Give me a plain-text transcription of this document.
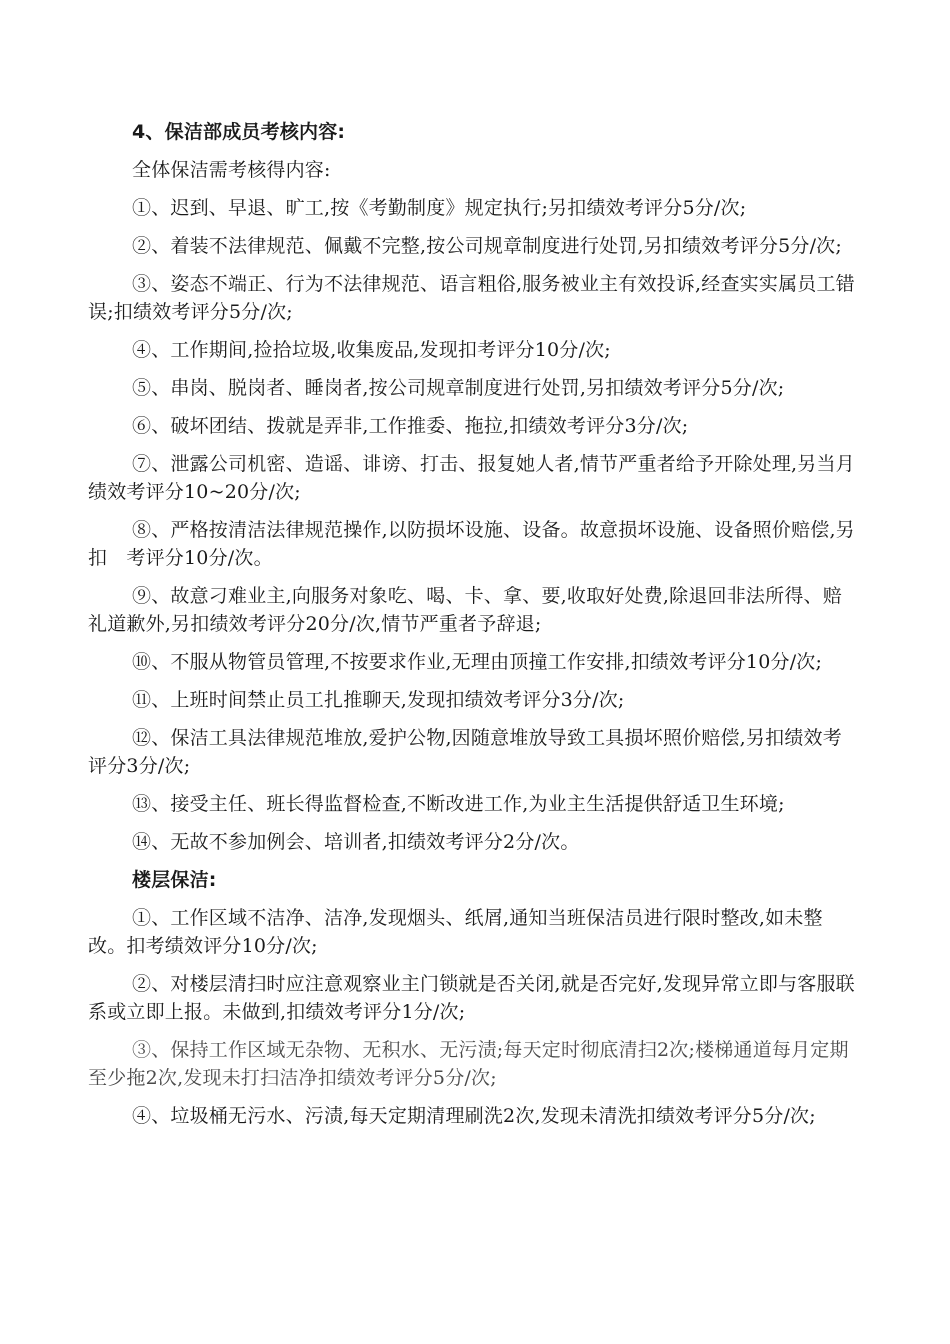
4、保洁部成员考核内容:

全体保洁需考核得内容:

①、迟到、早退、旷工,按《考勤制度》规定执行;另扣绩效考评分5分/次;

②、着装不法律规范、佩戴不完整,按公司规章制度进行处罚,另扣绩效考评分5分/次;

③、姿态不端正、行为不法律规范、语言粗俗,服务被业主有效投诉,经查实实属员工错误;扣绩效考评分5分/次;

④、工作期间,捡拾垃圾,收集废品,发现扣考评分10分/次;

⑤、串岗、脱岗者、睡岗者,按公司规章制度进行处罚,另扣绩效考评分5分/次;

⑥、破坏团结、拨就是弄非,工作推委、拖拉,扣绩效考评分3分/次;

⑦、泄露公司机密、造谣、诽谤、打击、报复她人者,情节严重者给予开除处理,另当月绩效考评分10~20分/次;

⑧、严格按清洁法律规范操作,以防损坏设施、设备。故意损坏设施、设备照价赔偿,另扣　考评分10分/次。

⑨、故意刁难业主,向服务对象吃、喝、卡、拿、要,收取好处费,除退回非法所得、赔礼道歉外,另扣绩效考评分20分/次,情节严重者予辞退;

⑩、不服从物管员管理,不按要求作业,无理由顶撞工作安排,扣绩效考评分10分/次;

⑪、上班时间禁止员工扎推聊天,发现扣绩效考评分3分/次;

⑫、保洁工具法律规范堆放,爱护公物,因随意堆放导致工具损坏照价赔偿,另扣绩效考评分3分/次;

⑬、接受主任、班长得监督检查,不断改进工作,为业主生活提供舒适卫生环境;

⑭、无故不参加例会、培训者,扣绩效考评分2分/次。

楼层保洁:

①、工作区域不洁净、洁净,发现烟头、纸屑,通知当班保洁员进行限时整改,如未整改。扣考绩效评分10分/次;

②、对楼层清扫时应注意观察业主门锁就是否关闭,就是否完好,发现异常立即与客服联系或立即上报。未做到,扣绩效考评分1分/次;

③、保持工作区域无杂物、无积水、无污渍;每天定时彻底清扫2次;楼梯通道每月定期至少拖2次,发现未打扫洁净扣绩效考评分5分/次;

④、垃圾桶无污水、污渍,每天定期清理刷洗2次,发现未清洗扣绩效考评分5分/次;
